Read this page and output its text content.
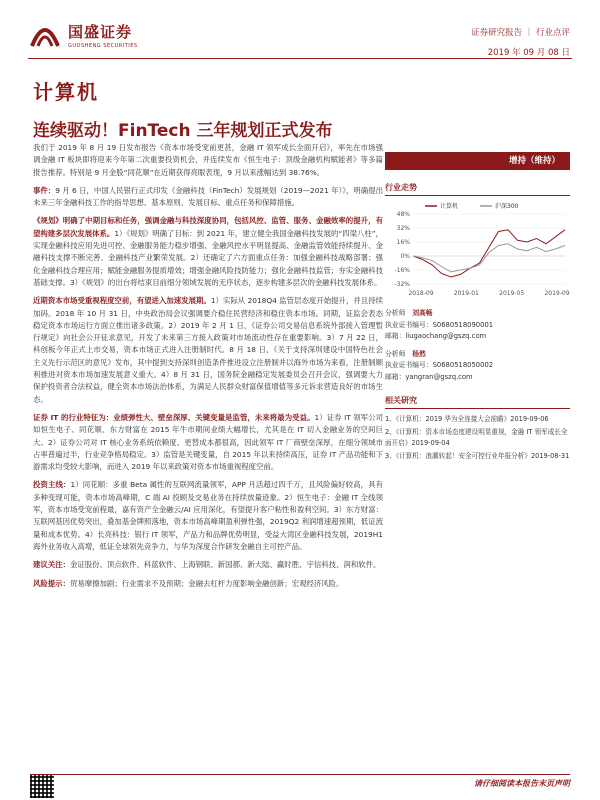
国盛证券
GUOSHENG SECURITIES
证券研究报告 ｜ 行业点评
2019 年 09 月 08 日
计算机
连续驱动！FinTech 三年规划正式发布

我们于 2019 年 8 月 19 日发布报告《资本市场受宠前更甚，金融 IT 领军成长全面开启》，率先在市场强调金融 IT 板块即将迎来今年第二次重要投资机会，并连续发布《恒生电子：顶级金融机构赋能者》等多篇报告推荐。特别是 9 月金股“同花顺”在近期获得亮眼表现，9 月以来涨幅达到 38.76%。

事件：9 月 6 日，中国人民银行正式印发《金融科技（FinTech）发展规划（2019—2021 年）》，明确提出未来三年金融科技工作的指导思想、基本原则、发展目标、重点任务和保障措施。

《规划》明确了中期目标和任务，强调金融与科技深度协同，包括风控、监管、服务、金融效率的提升，有望构建多层次发展体系。1）《规划》明确了目标：到 2021 年，建立健全我国金融科技发展的“四梁八柱”，实现金融科技应用先进可控、金融服务能力稳步增强、金融风控水平明显提高、金融监管效能持续提升、金融科技支撑不断完善、金融科技产业繁荣发展。2）还确定了六方面重点任务：加强金融科技战略部署；强化金融科技合理应用；赋能金融服务提质增效；增强金融风险技防能力；强化金融科技监管；夯实金融科技基础支撑。3）《规划》的出台将结束目前细分领域发展的无序状态，逐步构建多层次的金融科技发展体系。

近期资本市场受重视程度空前，有望进入加速发展期。1）实际从 2018Q4 监管层态度开始提升，并且持续加码。2018 年 10 月 31 日，中央政治局会议强调要介稳住民营经济和稳住资本市场。同期，证监会表态稳定资本市场运行方面立推出诸多政策。2）2019 年 2 月 1 日，《证券公司交易信息系统外部接入管理暂行规定》向社会公开征求意见，开发了未来第三方接入政策对市场流动性存在重要影响。3）7 月 22 日，科创板今年正式上市交易，资本市场正式进入注册制时代。8 月 18 日，《关于支持深圳建设中国特色社会主义先行示范区的意见》发布，其中提到支持深圳创造条件推进设立注册制并以海外市场为来看，注册制顺利推进对资本市场加速发展意义重大。4）8 月 31 日，国务院金融稳定发展委员会召开会议，强调要大力保护投资者合法权益，健全资本市场法治体系，为满足人民群众财富保值增值等多元诉求营造良好的市场生态。

证券 IT 的行业特征为：业绩弹性大、壁垒深厚、关键变量是监管，未来将最为受益。1）证券 IT 领军公司如恒生电子、同花顺、东方财富在 2015 年牛市期间业绩大幅增长，尤其是在 IT 切入金融业务的空间巨大。2）证券公司对 IT 核心业务系统依赖度、更替成本都很高，因此领军 IT 厂商壁垒深厚，在细分领域市占率普遍过半，行业竞争格局稳定。3）监管是关键变量，自 2015 年以来持续高压，证券 IT 产品功能和下游需求均受较大影响，而进入 2019 年以来政策对资本市场重视程度空前。

投资主线：1）同花顺：多重 Beta 属性的互联网流量领军，APP 月活超过四千万，且风险偏好较高，具有多种变现可能，资本市场高峰期，C 端 AI 投顾及交易业务在持续放量迹象。2）恒生电子：金融 IT 全线领军，资本市场受宠前程最，嘉有资产全金融云/AI 应用深化，有望提升客户粘性和盈利空间。3）东方财富：互联网基因优势突出，叠加基金牌照落地，资本市场高峰期盈利弹性强，2019Q2 利润增速超预期，低证流量和成本优势。4）长亮科技：银行 IT 领军，产品力和品牌优势明显，受益大湾区金融科技发展，2019H1 海外业务收入高增，低证全球领先竞争力，与华为深度合作研发金融自主可控产品。

建议关注：金证股份、顶点软件、科蓝软件、上海钢联、新国都、新大陆、赢时胜、宇信科技、润和软件。

风险提示：贸易摩擦加剧；行业需求不及预期；金融去杠杆力度影响金融创新；宏观经济风险。

增持（维持）
行业走势
48%
32%
16%
0%
-16%
-32%
2018-09	2019-01	2019-05	2019-09
计算机	沪深300
分析师　 刘高畅
执业证书编号：S0680518090001
邮箱：liugaochang@gszq.com
分析师　 杨然
执业证书编号：S0680518050002
邮箱：yangran@gszq.com
相关研究
1、《计算机：2019 华为全连接大会前瞻》2019-09-06
2、《计算机：资本市场态度建设明显重视，金融 IT 领军成长全面开启》2019-09-04
3、《计算机：浪潮转起！安全可控行业年报分析》2019-08-31
请仔细阅读本报告末页声明
